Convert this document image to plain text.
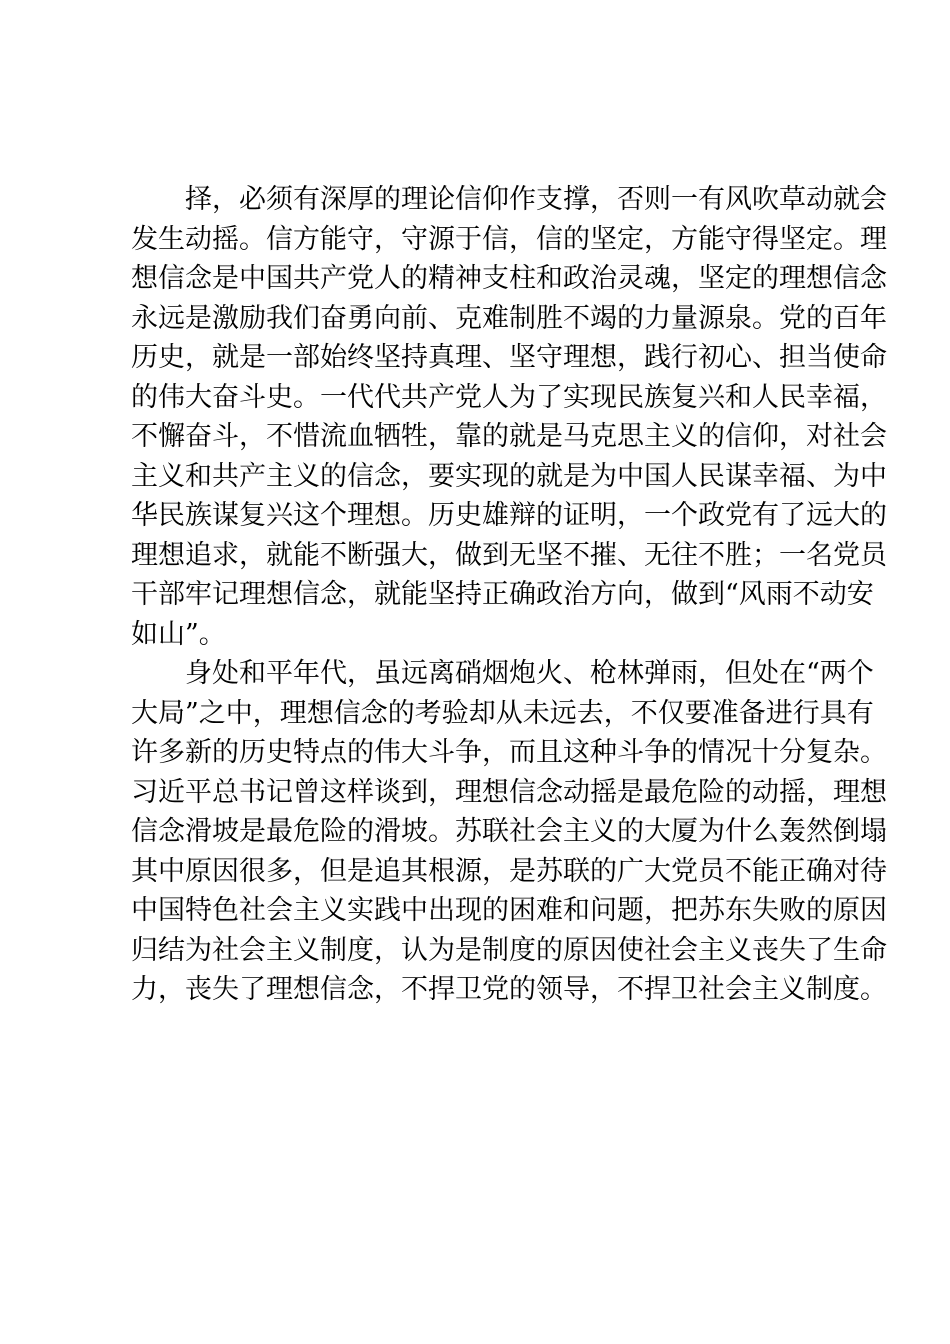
择，必须有深厚的理论信仰作支撑，否则一有风吹草动就会
发生动摇。信方能守，守源于信，信的坚定，方能守得坚定。理
想信念是中国共产党人的精神支柱和政治灵魂，坚定的理想信念
永远是激励我们奋勇向前、克难制胜不竭的力量源泉。党的百年
历史，就是一部始终坚持真理、坚守理想，践行初心、担当使命
的伟大奋斗史。一代代共产党人为了实现民族复兴和人民幸福，
不懈奋斗，不惜流血牺牲，靠的就是马克思主义的信仰，对社会
主义和共产主义的信念，要实现的就是为中国人民谋幸福、为中
华民族谋复兴这个理想。历史雄辩的证明，一个政党有了远大的
理想追求，就能不断强大，做到无坚不摧、无往不胜；一名党员
干部牢记理想信念，就能坚持正确政治方向，做到“风雨不动安
如山”。
身处和平年代，虽远离硝烟炮火、枪林弹雨，但处在“两个
大局”之中，理想信念的考验却从未远去，不仅要准备进行具有
许多新的历史特点的伟大斗争，而且这种斗争的情况十分复杂。
习近平总书记曾这样谈到，理想信念动摇是最危险的动摇，理想
信念滑坡是最危险的滑坡。苏联社会主义的大厦为什么轰然倒塌
其中原因很多，但是追其根源，是苏联的广大党员不能正确对待
中国特色社会主义实践中出现的困难和问题，把苏东失败的原因
归结为社会主义制度，认为是制度的原因使社会主义丧失了生命
力，丧失了理想信念，不捍卫党的领导，不捍卫社会主义制度。
